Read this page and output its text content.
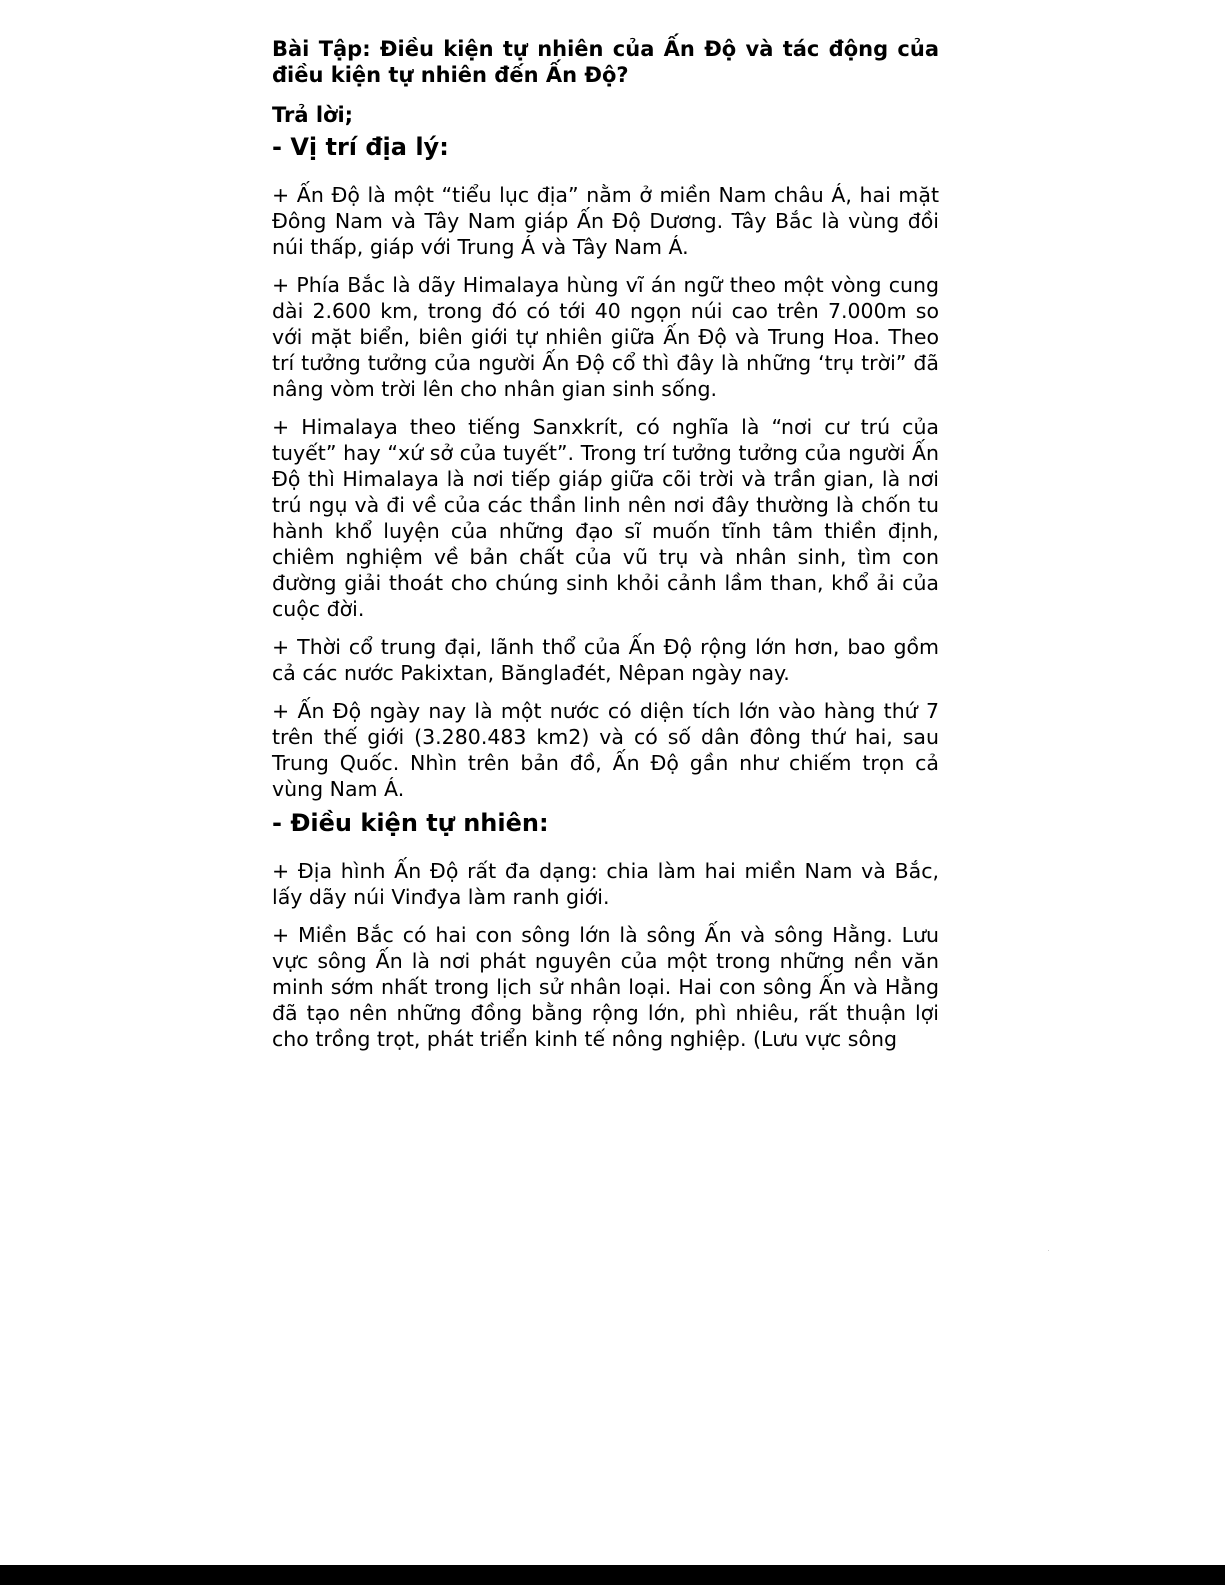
Bài Tập: Điều kiện tự nhiên của Ấn Độ và tác động của điều kiện tự nhiên đến Ấn Độ?
Trả lời;
- Vị trí địa lý:

+ Ấn Độ là một “tiểu lục địa” nằm ở miền Nam châu Á, hai mặt Đông Nam và Tây Nam giáp Ấn Độ Dương. Tây Bắc là vùng đồi núi thấp, giáp với Trung Á và Tây Nam Á.

+ Phía Bắc là dãy Himalaya hùng vĩ án ngữ theo một vòng cung dài 2.600 km, trong đó có tới 40 ngọn núi cao trên 7.000m so với mặt biển, biên giới tự nhiên giữa Ấn Độ và Trung Hoa. Theo trí tưởng tưởng của người Ấn Độ cổ thì đây là những ‘trụ trời” đã nâng vòm trời lên cho nhân gian sinh sống.

+ Himalaya theo tiếng Sanxkrít, có nghĩa là “nơi cư trú của tuyết” hay “xứ sở của tuyết”. Trong trí tưởng tưởng của người Ấn Độ thì Himalaya là nơi tiếp giáp giữa cõi trời và trần gian, là nơi trú ngụ và đi về của các thần linh nên nơi đây thường là chốn tu hành khổ luyện của những đạo sĩ muốn tĩnh tâm thiền định, chiêm nghiệm về bản chất của vũ trụ và nhân sinh, tìm con đường giải thoát cho chúng sinh khỏi cảnh lầm than, khổ ải của cuộc đời.

+ Thời cổ trung đại, lãnh thổ của Ấn Độ rộng lớn hơn, bao gồm cả các nước Pakixtan, Bănglađét, Nêpan ngày nay.

+ Ấn Độ ngày nay là một nước có diện tích lớn vào hàng thứ 7 trên thế giới (3.280.483 km2) và có số dân đông thứ hai, sau Trung Quốc. Nhìn trên bản đồ, Ấn Độ gần như chiếm trọn cả vùng Nam Á.

- Điều kiện tự nhiên:

+ Địa hình Ấn Độ rất đa dạng: chia làm hai miền Nam và Bắc, lấy dãy núi Vinđya làm ranh giới.

+ Miền Bắc có hai con sông lớn là sông Ấn và sông Hằng. Lưu vực sông Ấn là nơi phát nguyên của một trong những nền văn minh sớm nhất trong lịch sử nhân loại. Hai con sông Ấn và Hằng đã tạo nên những đồng bằng rộng lớn, phì nhiêu, rất thuận lợi cho trồng trọt, phát triển kinh tế nông nghiệp. (Lưu vực sông
